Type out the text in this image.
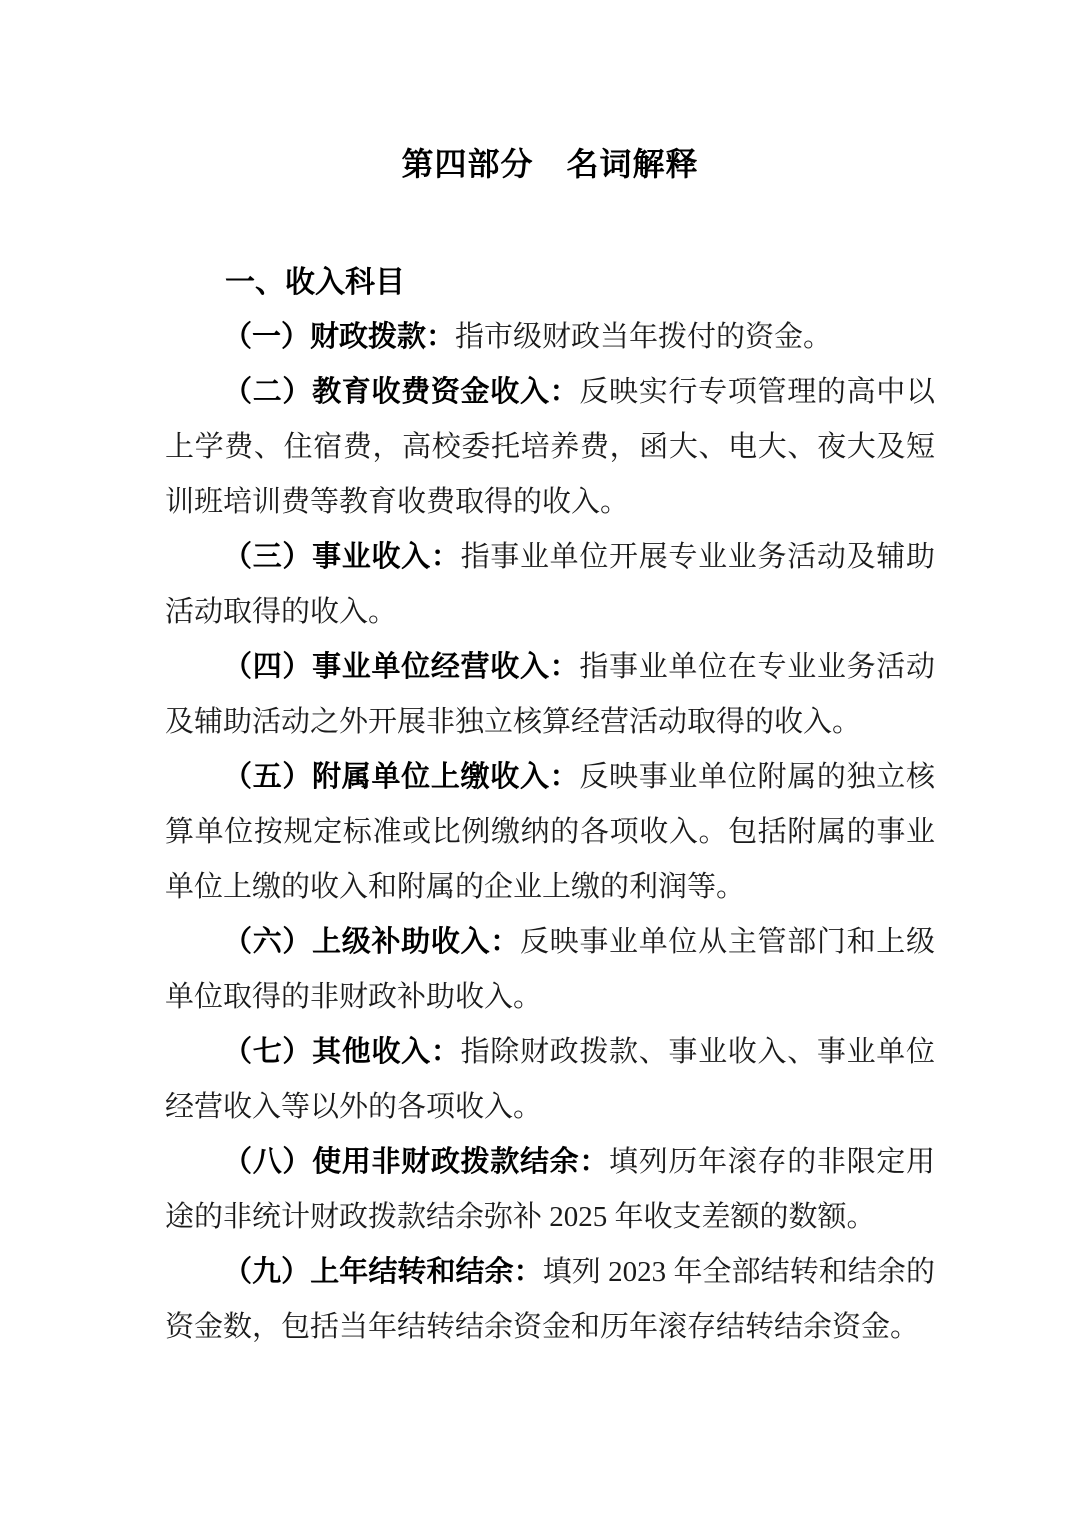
第四部分　名词解释
一、收入科目

（一）财政拨款：指市级财政当年拨付的资金。

（二）教育收费资金收入：反映实行专项管理的高中以上学费、住宿费，高校委托培养费，函大、电大、夜大及短训班培训费等教育收费取得的收入。

（三）事业收入：指事业单位开展专业业务活动及辅助活动取得的收入。

（四）事业单位经营收入：指事业单位在专业业务活动及辅助活动之外开展非独立核算经营活动取得的收入。

（五）附属单位上缴收入：反映事业单位附属的独立核算单位按规定标准或比例缴纳的各项收入。包括附属的事业单位上缴的收入和附属的企业上缴的利润等。

（六）上级补助收入：反映事业单位从主管部门和上级单位取得的非财政补助收入。

（七）其他收入：指除财政拨款、事业收入、事业单位经营收入等以外的各项收入。

（八）使用非财政拨款结余：填列历年滚存的非限定用途的非统计财政拨款结余弥补 2025 年收支差额的数额。

（九）上年结转和结余：填列 2023 年全部结转和结余的资金数，包括当年结转结余资金和历年滚存结转结余资金。
